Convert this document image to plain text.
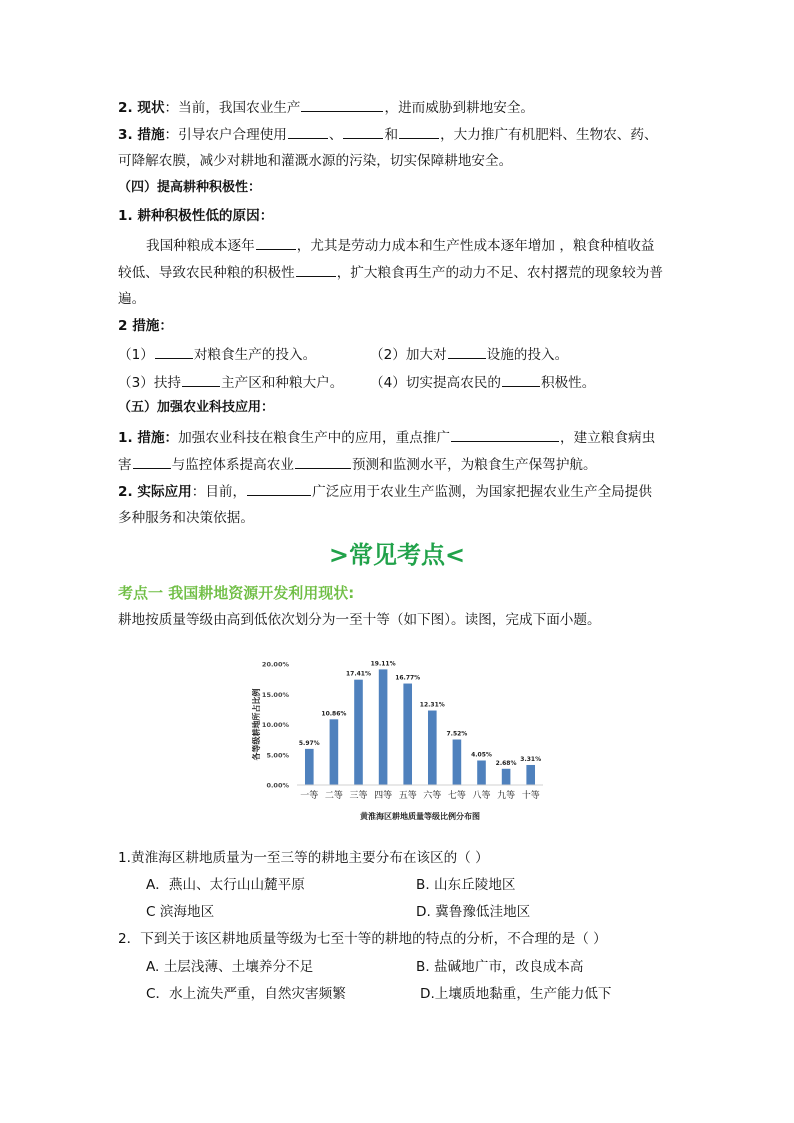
2. 现状：当前，我国农业生产	，进而威胁到耕地安全。
3. 措施：引导农户合理使用	、	和	，大力推广有机肥料、生物农、药、
可降解农膜，减少对耕地和灌溉水源的污染，切实保障耕地安全。
（四）提高耕种积极性：
1. 耕种积极性低的原因：
我国种粮成本逐年	，尤其是劳动力成本和生产性成本逐年增加 ，粮食种植收益
较低、导致农民种粮的积极性	，扩大粮食再生产的动力不足、农村撂荒的现象较为普
遍。
2 措施：
（1）	对粮食生产的投入。	（2）加大对	设施的投入。
（3）扶持	主产区和种粮大户。	（4）切实提高农民的	积极性。
（五）加强农业科技应用：
1. 措施：加强农业科技在粮食生产中的应用，重点推广	，建立粮食病虫
害	与监控体系提高农业	预测和监测水平，为粮食生产保驾护航。
2. 实际应用：目前，	广泛应用于农业生产监测，为国家把握农业生产全局提供
多种服务和决策依据。
>常见考点<
考点一 我国耕地资源开发利用现状:
耕地按质量等级由高到低依次划分为一至十等（如下图）。读图，完成下面小题。
0.00%
5.00%
10.00%
15.00%
20.00%
5.97%
10.86%
17.41%
19.11%
16.77%
12.31%
7.52%
4.05%
2.68%
3.31%
一等 二等 三等 四等 五等 六等 七等 八等 九等 十等
各等级耕地所占比例
黄淮海区耕地质量等级比例分布图
1.黄淮海区耕地质量为一至三等的耕地主要分布在该区的（ ）
A．燕山、太行山山麓平原	B. 山东丘陵地区
C 滨海地区	D. 冀鲁豫低洼地区
2．下到关于该区耕地质量等级为七至十等的耕地的特点的分析，不合理的是（ ）
A. 土层浅薄、土壤养分不足	B. 盐碱地广市，改良成本高
C．水上流失严重，自然灾害频繁	D.上壤质地黏重，生产能力低下
